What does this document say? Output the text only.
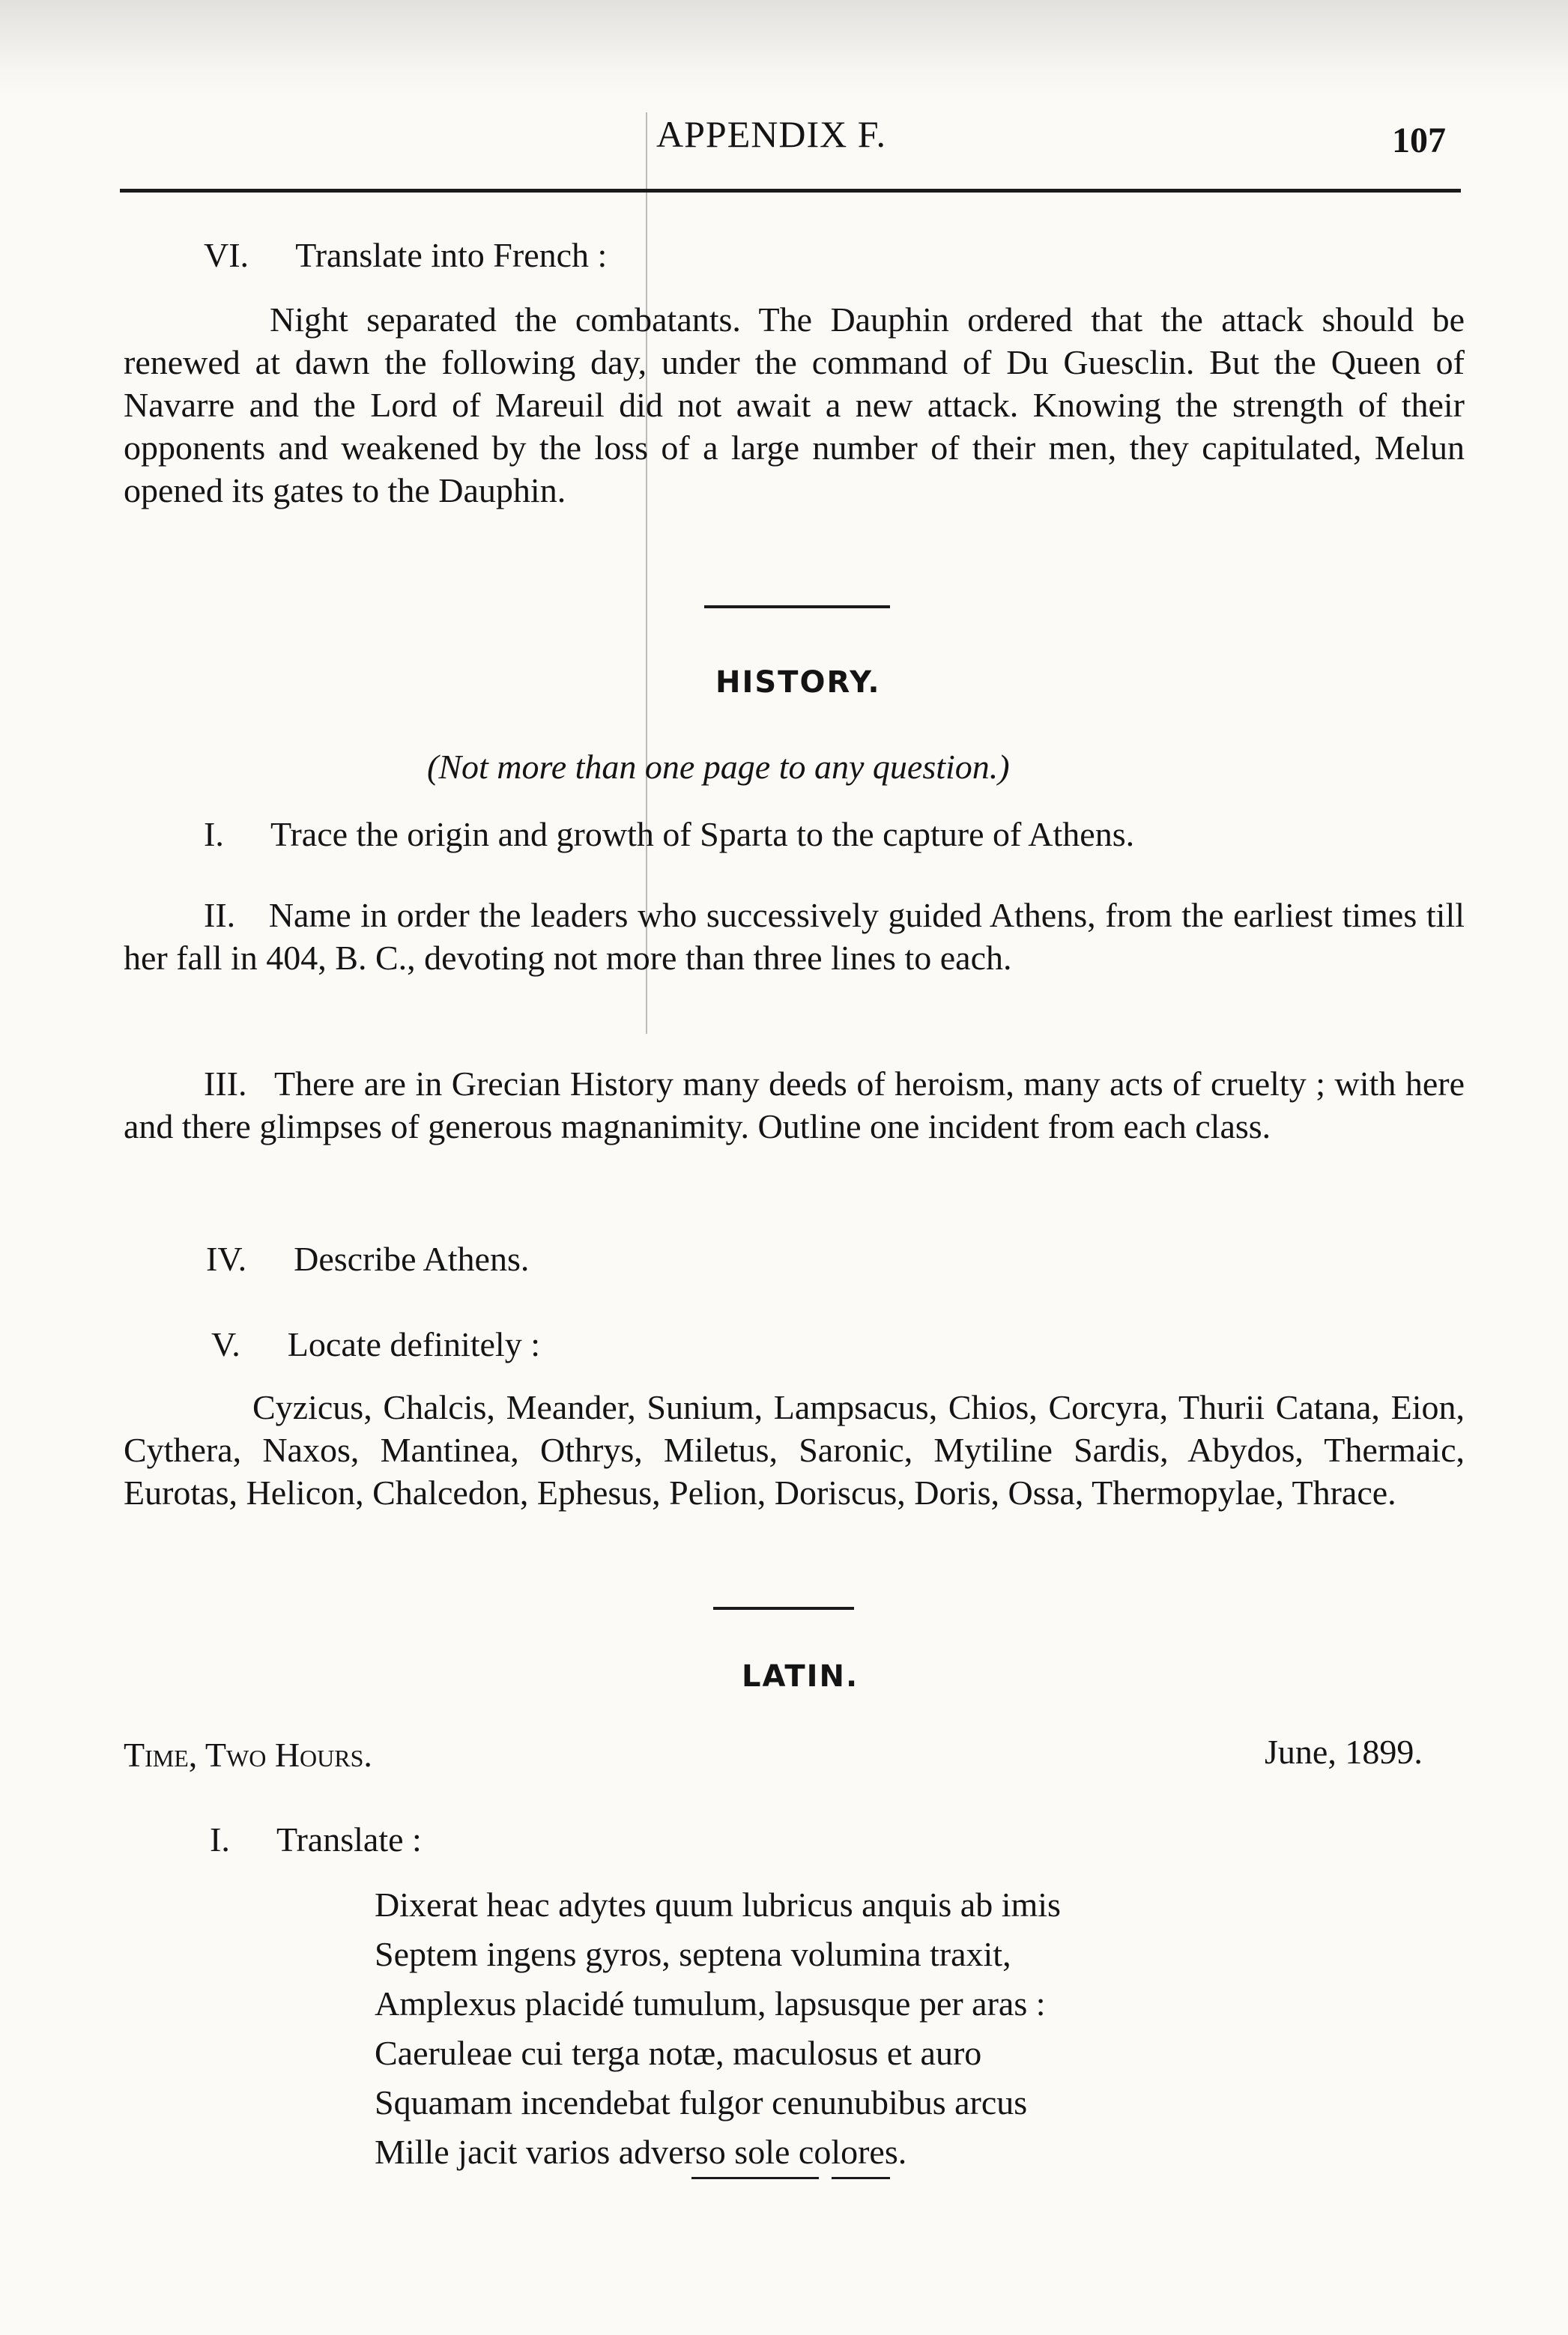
APPENDIX F.	107
VI. Translate into French :
Night separated the combatants. The Dauphin ordered that the attack should be renewed at dawn the following day, under the command of Du Guesclin. But the Queen of Navarre and the Lord of Mareuil did not await a new attack. Knowing the strength of their opponents and weakened by the loss of a large number of their men, they capitulated, Melun opened its gates to the Dauphin.
HISTORY.
(Not more than one page to any question.)
I. Trace the origin and growth of Sparta to the capture of Athens.
II. Name in order the leaders who successively guided Athens, from the earliest times till her fall in 404, B. C., devoting not more than three lines to each.
III. There are in Grecian History many deeds of heroism, many acts of cruelty ; with here and there glimpses of generous magnanimity. Outline one incident from each class.
IV. Describe Athens.
V. Locate definitely :
Cyzicus, Chalcis, Meander, Sunium, Lampsacus, Chios, Corcyra, Thurii Catana, Eion, Cythera, Naxos, Mantinea, Othrys, Miletus, Saronic, Mytiline Sardis, Abydos, Thermaic, Eurotas, Helicon, Chalcedon, Ephesus, Pelion, Doriscus, Doris, Ossa, Thermopylae, Thrace.
LATIN.
Time, Two Hours.	June, 1899.
I. Translate :
Dixerat heac adytes quum lubricus anquis ab imis
Septem ingens gyros, septena volumina traxit,
Amplexus placidé tumulum, lapsusque per aras :
Caeruleae cui terga notæ, maculosus et auro
Squamam incendebat fulgor cenunubibus arcus
Mille jacit varios adverso sole colores.
